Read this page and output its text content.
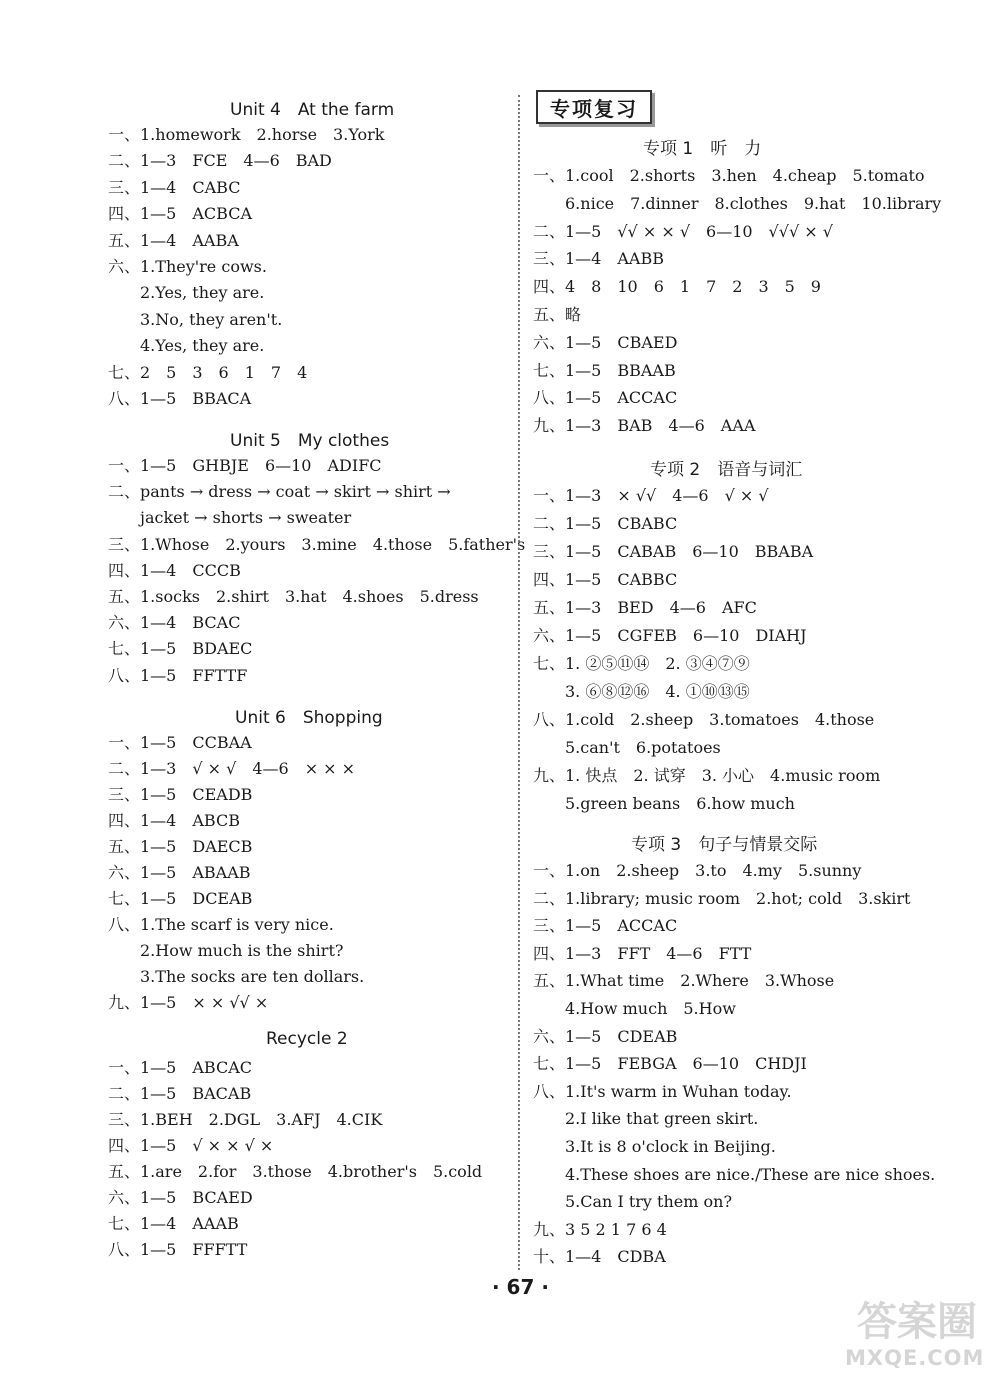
Unit 4　At the farm
一、1.homework　2.horse　3.York
二、1—3　FCE　4—6　BAD
三、1—4　CABC
四、1—5　ACBCA
五、1—4　AABA
六、1.They're cows.
　　2.Yes, they are.
　　3.No, they aren't.
　　4.Yes, they are.
七、2　5　3　6　1　7　4
八、1—5　BBACA
Unit 5　My clothes
一、1—5　GHBJE　6—10　ADIFC
二、pants → dress → coat → skirt → shirt →
　　jacket → shorts → sweater
三、1.Whose　2.yours　3.mine　4.those　5.father's
四、1—4　CCCB
五、1.socks　2.shirt　3.hat　4.shoes　5.dress
六、1—4　BCAC
七、1—5　BDAEC
八、1—5　FFTTF
Unit 6　Shopping
一、1—5　CCBAA
二、1—3　√ × √　4—6　× × ×
三、1—5　CEADB
四、1—4　ABCB
五、1—5　DAECB
六、1—5　ABAAB
七、1—5　DCEAB
八、1.The scarf is very nice.
　　2.How much is the shirt?
　　3.The socks are ten dollars.
九、1—5　× × √√ ×
Recycle 2
一、1—5　ABCAC
二、1—5　BACAB
三、1.BEH　2.DGL　3.AFJ　4.CIK
四、1—5　√ × × √ ×
五、1.are　2.for　3.those　4.brother's　5.cold
六、1—5　BCAED
七、1—4　AAAB
八、1—5　FFFTT
专项复习
专项 1　听　力
一、1.cool　2.shorts　3.hen　4.cheap　5.tomato
　　6.nice　7.dinner　8.clothes　9.hat　10.library
二、1—5　√√ × × √　6—10　√√√ × √
三、1—4　AABB
四、4　8　10　6　1　7　2　3　5　9
五、略
六、1—5　CBAED
七、1—5　BBAAB
八、1—5　ACCAC
九、1—3　BAB　4—6　AAA
专项 2　语音与词汇
一、1—3　× √√　4—6　√ × √
二、1—5　CBABC
三、1—5　CABAB　6—10　BBABA
四、1—5　CABBC
五、1—3　BED　4—6　AFC
六、1—5　CGFEB　6—10　DIAHJ
七、1. ②⑤⑪⑭　2. ③④⑦⑨
　　3. ⑥⑧⑫⑯　4. ①⑩⑬⑮
八、1.cold　2.sheep　3.tomatoes　4.those
　　5.can't　6.potatoes
九、1. 快点　2. 试穿　3. 小心　4.music room
　　5.green beans　6.how much
专项 3　句子与情景交际
一、1.on　2.sheep　3.to　4.my　5.sunny
二、1.library; music room　2.hot; cold　3.skirt
三、1—5　ACCAC
四、1—3　FFT　4—6　FTT
五、1.What time　2.Where　3.Whose
　　4.How much　5.How
六、1—5　CDEAB
七、1—5　FEBGA　6—10　CHDJI
八、1.It's warm in Wuhan today.
　　2.I like that green skirt.
　　3.It is 8 o'clock in Beijing.
　　4.These shoes are nice./These are nice shoes.
　　5.Can I try them on?
九、3 5 2 1 7 6 4
十、1—4　CDBA
· 67 ·
答案圈
MXQE.COM
